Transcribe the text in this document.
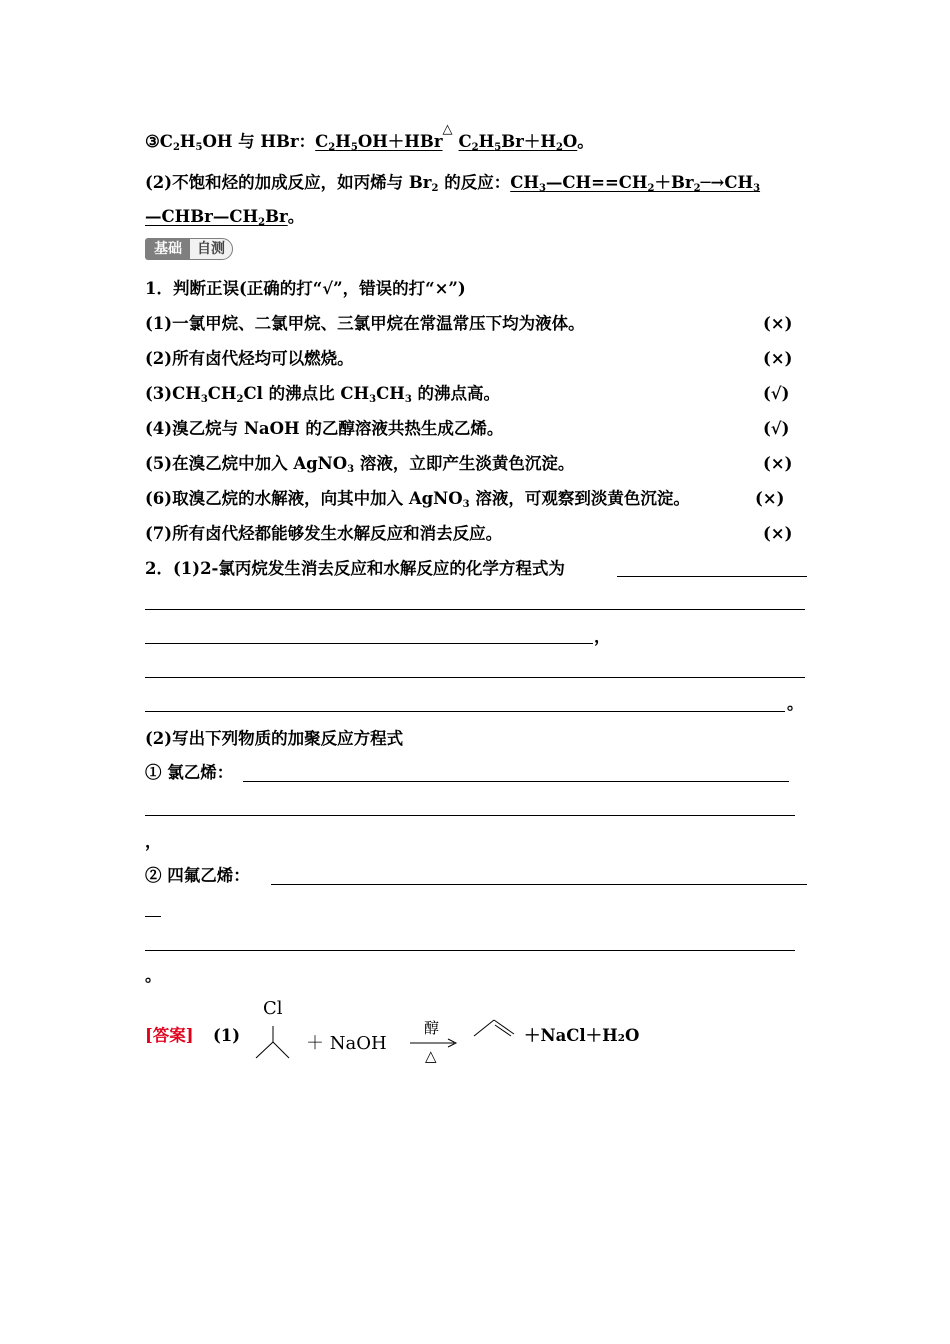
$③C_2H_5OH$ 与 HBr：$C_2H_5OH+HBr$
△
$C_2H_5Br+H_2O$。
(2)不饱和烃的加成反应，如丙烯与 $Br_2$ 的反应：$CH_3—CH==CH_2+Br_2─\to CH_3$
$—CHBr—CH_2Br$。
基础	自测
1．判断正误(正确的打“√”，错误的打“×”)
(1)一氯甲烷、二氯甲烷、三氯甲烷在常温常压下均为液体。	(×)
(2)所有卤代烃均可以燃烧。	(×)
$(3)CH_3CH_2Cl$ 的沸点比 $CH_3CH_3$ 的沸点高。	(√)
(4)溴乙烷与 NaOH 的乙醇溶液共热生成乙烯。	(√)
(5)在溴乙烷中加入 AgNO$_3$ 溶液，立即产生淡黄色沉淀。	(×)
(6)取溴乙烷的水解液，向其中加入 AgNO$_3$ 溶液，可观察到淡黄色沉淀。	(×)
(7)所有卤代烃都能够发生水解反应和消去反应。	(×)
2．(1)2-氯丙烷发生消去反应和水解反应的化学方程式为
，
。
(2)写出下列物质的加聚反应方程式
① 氯乙烯：
，
② 四氟乙烯：
。
[答案] (1)
Cl
＋ NaOH
醇
△
＋NaCl＋H₂O
